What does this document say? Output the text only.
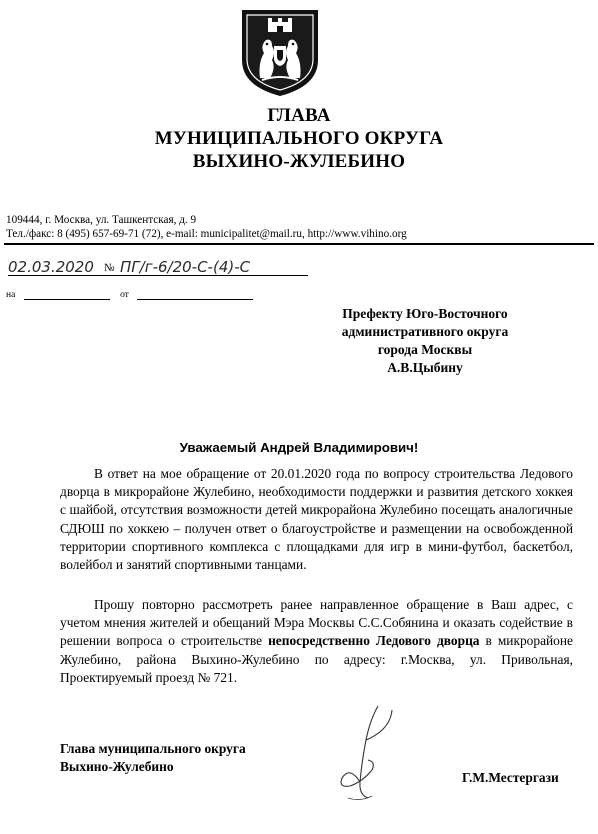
ГЛАВА
МУНИЦИПАЛЬНОГО ОКРУГА
ВЫХИНО-ЖУЛЕБИНО
109444, г. Москва, ул. Ташкентская, д. 9
Тел./факс: 8 (495) 657-69-71 (72), e-mail: municipalitet@mail.ru, http://www.vihino.org
02.03.2020 № ПГ/г-6/20-С-(4)-С
на	от
Префекту Юго-Восточного
административного округа
города Москвы
А.В.Цыбину
Уважаемый Андрей Владимирович!
В ответ на мое обращение от 20.01.2020 года по вопросу строительства Ледового дворца в микрорайоне Жулебино, необходимости поддержки и развития детского хоккея с шайбой, отсутствия возможности детей микрорайона Жулебино посещать аналогичные СДЮШ по хоккею – получен ответ о благоустройстве и размещении на освобожденной территории спортивного комплекса с площадками для игр в мини-футбол, баскетбол, волейбол и занятий спортивными танцами.
Прошу повторно рассмотреть ранее направленное обращение в Ваш адрес, с учетом мнения жителей и обещаний Мэра Москвы С.С.Собянина и оказать содействие в решении вопроса о строительстве непосредственно Ледового дворца в микрорайоне Жулебино, района Выхино-Жулебино по адресу: г.Москва, ул. Привольная, Проектируемый проезд № 721.
Глава муниципального округа
Выхино-Жулебино
Г.М.Местергази
